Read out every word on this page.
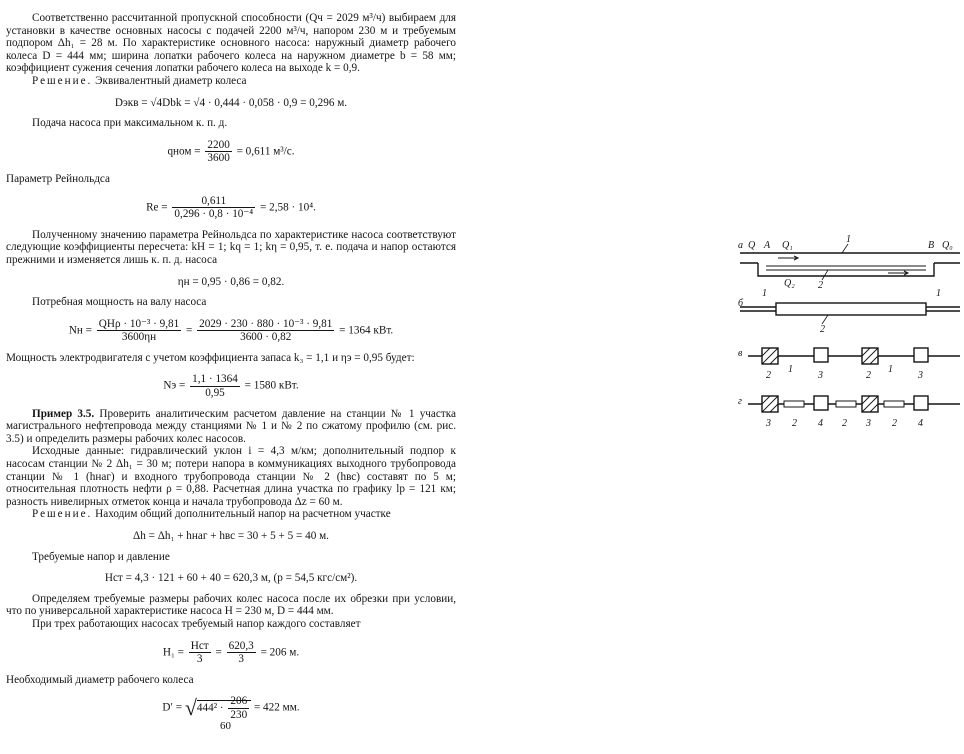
Соответственно рассчитанной пропускной способности (Qч = 2029 м³/ч) выбираем для установки в качестве основных насосы с подачей 2200 м³/ч, напором 230 м и требуемым подпором Δh₁ = 28 м. По характеристике основного насоса: наружный диаметр рабочего колеса D = 444 мм; ширина лопатки рабочего колеса на наружном диаметре b = 58 мм; коэффициент сужения сечения лопатки рабочего колеса на выходе k = 0,9.

Решение. Эквивалентный диаметр колеса

Dэкв = √4Dbk = √4 · 0,444 · 0,058 · 0,9 = 0,296 м.

Подача насоса при максимальном к. п. д.

qном = $\frac{2200}{3600} = 0,611$ м³/с.

Параметр Рейнольдса

$Re = \frac{0,611}{\text{0,296 · 0,8 · 10⁻⁴}} = 2,58 \cdot 10^4$.

Полученному значению параметра Рейнольдса по характеристике насоса соответствуют следующие коэффициенты пересчета: kH = 1; kq = 1; kη = 0,95, т. е. подача и напор остаются прежними и изменяется лишь к. п. д. насоса

ηн = 0,95 · 0,86 = 0,82.

Потребная мощность на валу насоса

Nн = $\frac{\text{QHρ · 10⁻³ · 9,81}}{3600\eta н} = \frac{\text{2029 · 230 · 880 · 10⁻³ · 9,81}}{3600 \cdot 0,82} = 1364$ кВт.

Мощность электродвигателя с учетом коэффициента запаса k₃ = 1,1 и ηэ = 0,95 будет:

Nэ = $\frac{1,1 \cdot 1364}{0,95} = 1580$ кВт.

Пример 3.5. Проверить аналитическим расчетом давление на станции № 1 участка магистрального нефтепровода между станциями № 1 и № 2 по сжатому профилю (см. рис. 3.5) и определить размеры рабочих колес насосов.

Исходные данные: гидравлический уклон i = 4,3 м/км; дополнительный подпор к насосам станции № 2 Δh₁ = 30 м; потери напора в коммуникациях выходного трубопровода станции № 1 (hнаг) и входного трубопровода станции № 2 (hвс) составят по 5 м; относительная плотность нефти ρ = 0,88. Расчетная длина участка по графику lр = 121 км; разность нивелирных отметок конца и начала трубопровода Δz = 60 м.

Решение. Находим общий дополнительный напор на расчетном участке

Δh = Δh₁ + hнаг + hвс = 30 + 5 + 5 = 40 м.

Требуемые напор и давление

Hст = 4,3 · 121 + 60 + 40 = 620,3 м, (p = 54,5 кгс/см²).

Определяем требуемые размеры рабочих колес насоса после их обрезки при условии, что по универсальной характеристике насоса H = 230 м, D = 444 мм.

При трех работающих насосах требуемый напор каждого составляет

$H_1 = \frac{\text{Hст}}{3} = \frac{620,3}{3} = 206$ м.

Необходимый диаметр рабочего колеса

$D' = √444^2 \cdot \frac{206}{230} = 422$ мм.
60
а Q A Q₁
1
В Q₀
Q₂ 2
б
1	1
2
в
2
1
3	2
1
3
г
3 2 4 2 3 2 4
